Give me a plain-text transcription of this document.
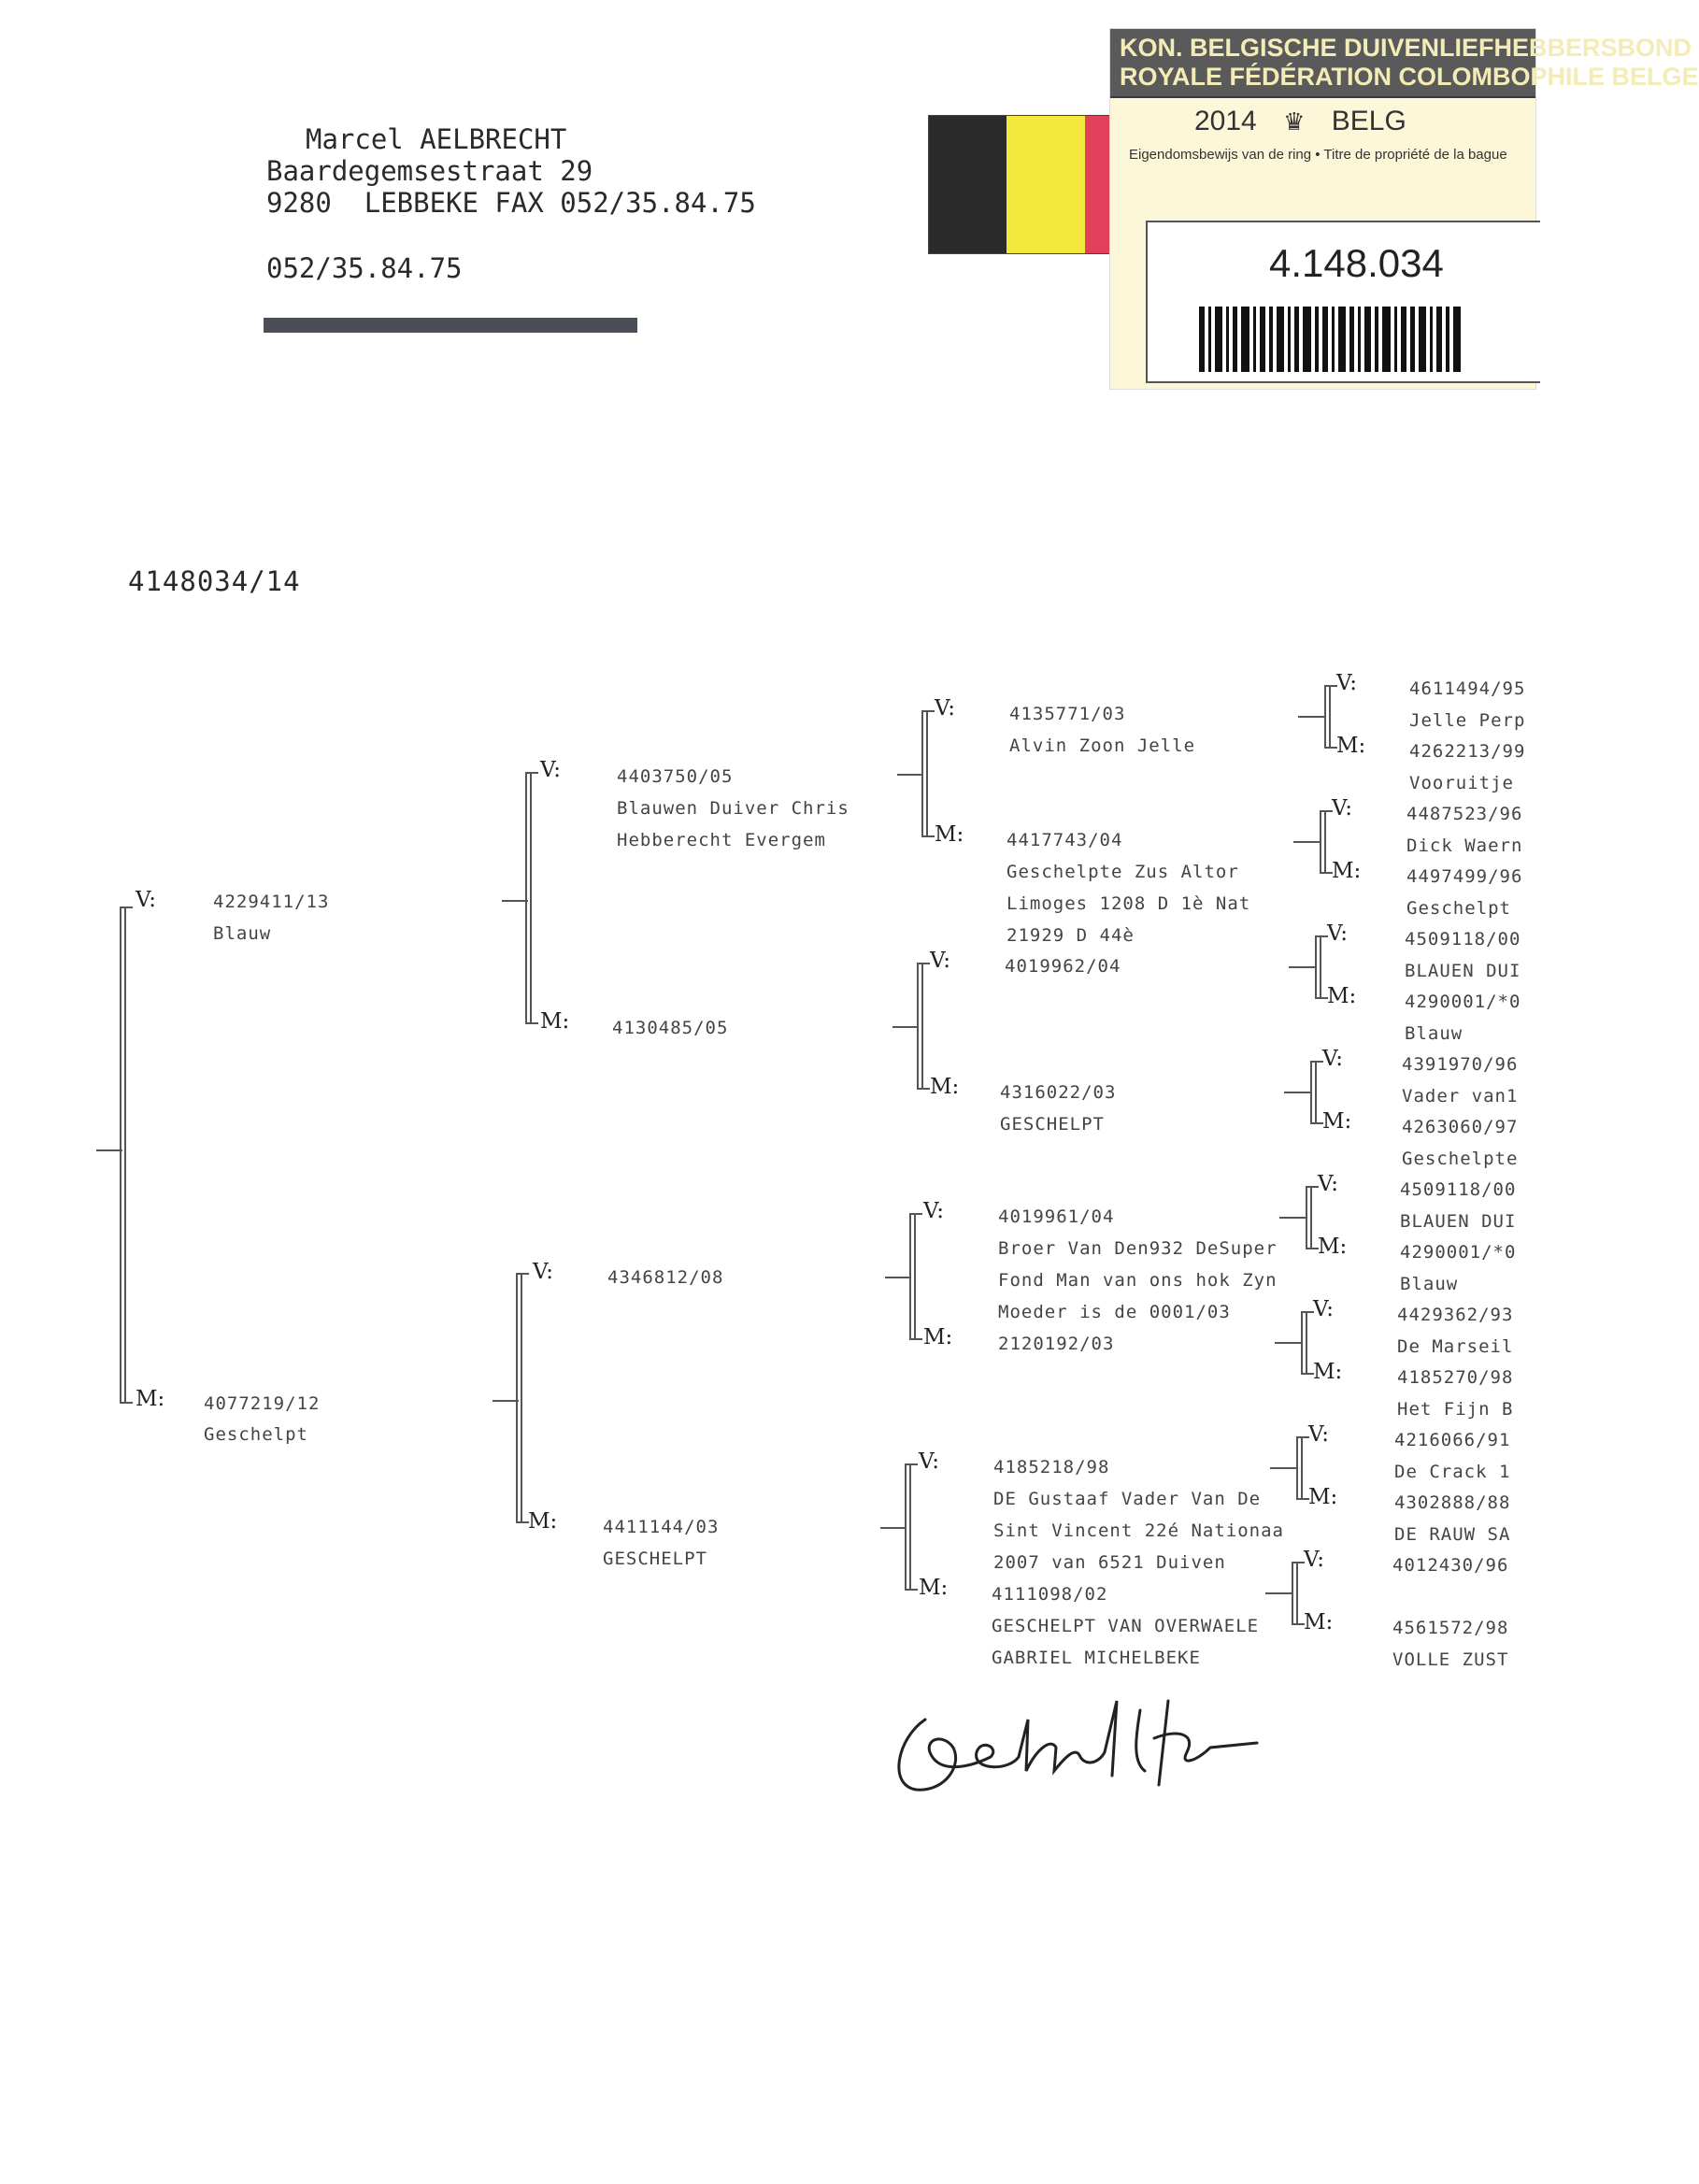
Marcel AELBRECHT
Baardegemsestraat 29
9280  LEBBEKE FAX 052/35.84.75
052/35.84.75
KON. BELGISCHE DUIVENLIEFHEBBERSBOND
ROYALE FÉDÉRATION COLOMBOPHILE BELGE
2014 ♛ BELG
Eigendomsbewijs van de ring • Titre de propriété de la bague
4.148.034
4148034/14
V:
M:
4229411/13
Blauw
4077219/12
Geschelpt
V:
M:
4403750/05
Blauwen Duiver Chris
Hebberecht Evergem
4130485/05
V:
M:
4346812/08
4411144/03
GESCHELPT
V:
M:
4135771/03
Alvin Zoon Jelle
4417743/04
Geschelpte Zus Altor
Limoges 1208 D 1è Nat
21929 D 44è
V:
M:
4019962/04
4316022/03
GESCHELPT
V:
M:
4019961/04
Broer Van Den932 DeSuper
Fond Man van ons hok Zyn
Moeder is de 0001/03
2120192/03
V:
M:
4185218/98
DE Gustaaf Vader Van De
Sint Vincent 22é Nationaa
2007 van 6521 Duiven
4111098/02
GESCHELPT VAN OVERWAELE
GABRIEL MICHELBEKE
V:
M:
4611494/95
Jelle Perp
4262213/99
Vooruitje
V:
M:
4487523/96
Dick Waern
4497499/96
Geschelpt
V:
M:
4509118/00
BLAUEN DUI
4290001/*0
Blauw
V:
M:
4391970/96
Vader van1
4263060/97
Geschelpte
V:
M:
4509118/00
BLAUEN DUI
4290001/*0
Blauw
V:
M:
4429362/93
De Marseil
4185270/98
Het Fijn B
V:
M:
4216066/91
De Crack 1
4302888/88
DE RAUW SA
V:
M:
4012430/96
4561572/98
VOLLE ZUST
